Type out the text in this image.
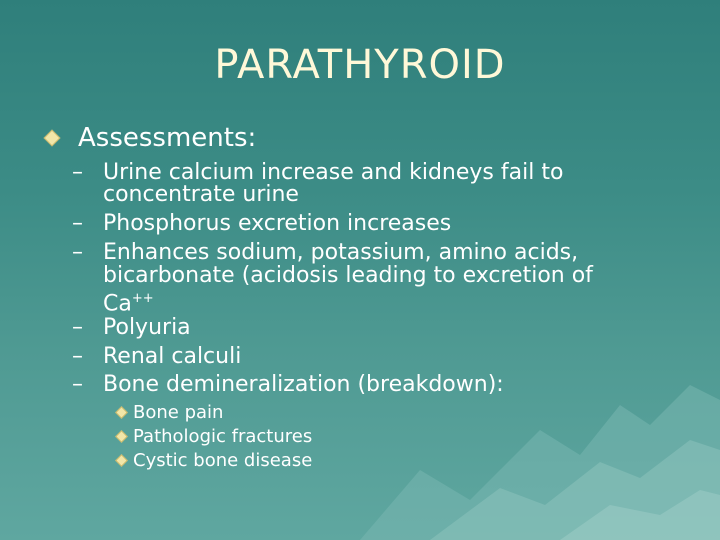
PARATHYROID
Assessments:
– Urine calcium increase and kidneys fail to
concentrate urine
– Phosphorus excretion increases
– Enhances sodium, potassium, amino acids,
bicarbonate (acidosis leading to excretion of
Ca++
– Polyuria
– Renal calculi
– Bone demineralization (breakdown):
Bone pain
Pathologic fractures
Cystic bone disease
